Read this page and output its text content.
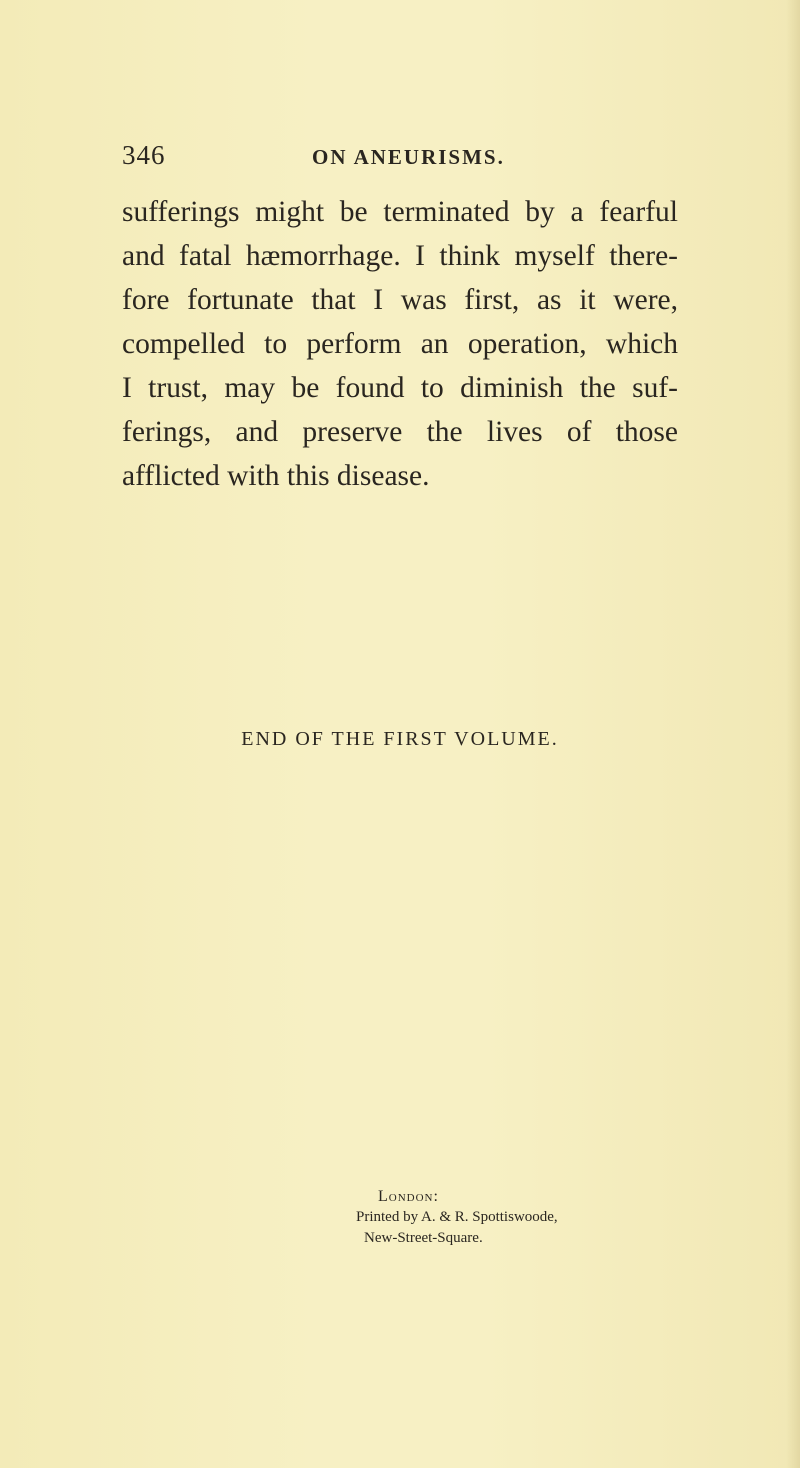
346	ON ANEURISMS.
sufferings might be terminated by a fearful
and fatal hæmorrhage. I think myself there-
fore fortunate that I was first, as it were,
compelled to perform an operation, which
I trust, may be found to diminish the suf-
ferings, and preserve the lives of those
afflicted with this disease.
END OF THE FIRST VOLUME.
London:
Printed by A. & R. Spottiswoode,
New-Street-Square.
